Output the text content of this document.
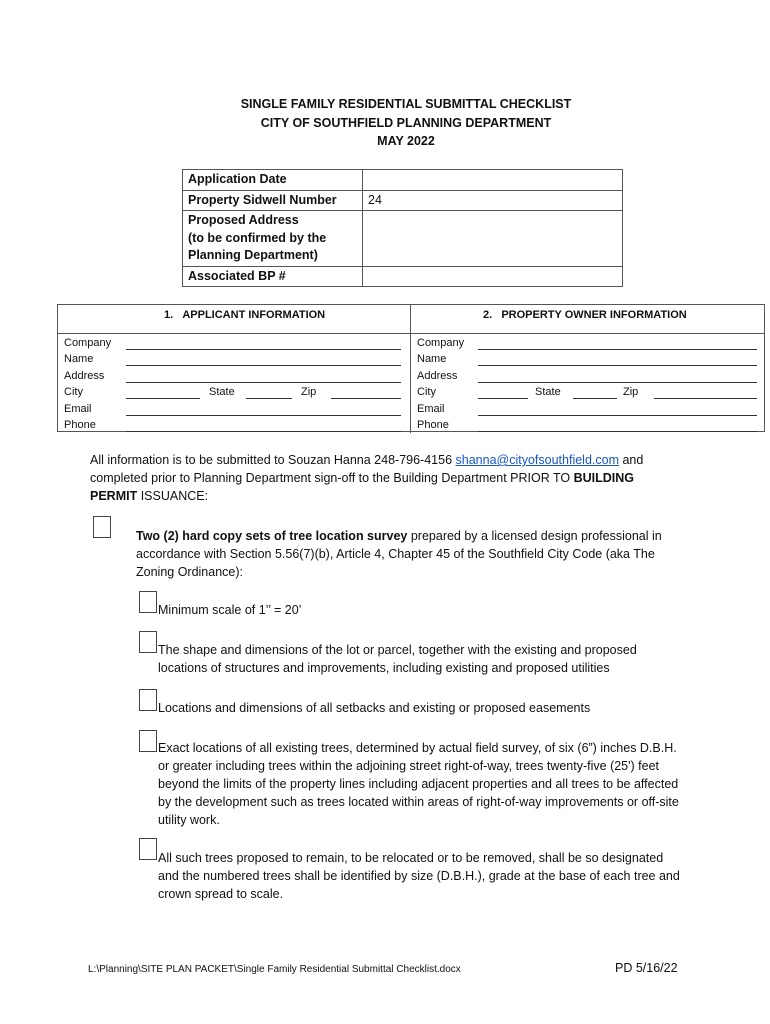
SINGLE FAMILY RESIDENTIAL SUBMITTAL CHECKLIST
CITY OF SOUTHFIELD PLANNING DEPARTMENT
MAY 2022
Application Date	

Property Sidwell Number	24

Proposed Address
(to be confirmed by the
Planning Department)	

Associated BP #	
1.   APPLICANT INFORMATION	2.   PROPERTY OWNER INFORMATION
Company
Name
Address
City	State	Zip
Email
Phone
Company
Name
Address
City	State	Zip
Email
Phone
All information is to be submitted to Souzan Hanna 248-796-4156 shanna@cityofsouthfield.com and completed prior to Planning Department sign-off to the Building Department PRIOR TO BUILDING PERMIT ISSUANCE:
Two (2) hard copy sets of tree location survey prepared by a licensed design professional in accordance with Section 5.56(7)(b), Article 4, Chapter 45 of the Southfield City Code (aka The Zoning Ordinance):
Minimum scale of 1’’ = 20’
The shape and dimensions of the lot or parcel, together with the existing and proposed locations of structures and improvements, including existing and proposed utilities
Locations and dimensions of all setbacks and existing or proposed easements
Exact locations of all existing trees, determined by actual field survey, of six (6”) inches D.B.H. or greater including trees within the adjoining street right-of-way, trees twenty-five (25') feet beyond the limits of the property lines including adjacent properties and all trees to be affected by the development such as trees located within areas of right-of-way improvements or off-site utility work.
All such trees proposed to remain, to be relocated or to be removed, shall be so designated and the numbered trees shall be identified by size (D.B.H.), grade at the base of each tree and crown spread to scale.
L:\Planning\SITE PLAN PACKET\Single Family Residential Submittal Checklist.docx	PD 5/16/22
